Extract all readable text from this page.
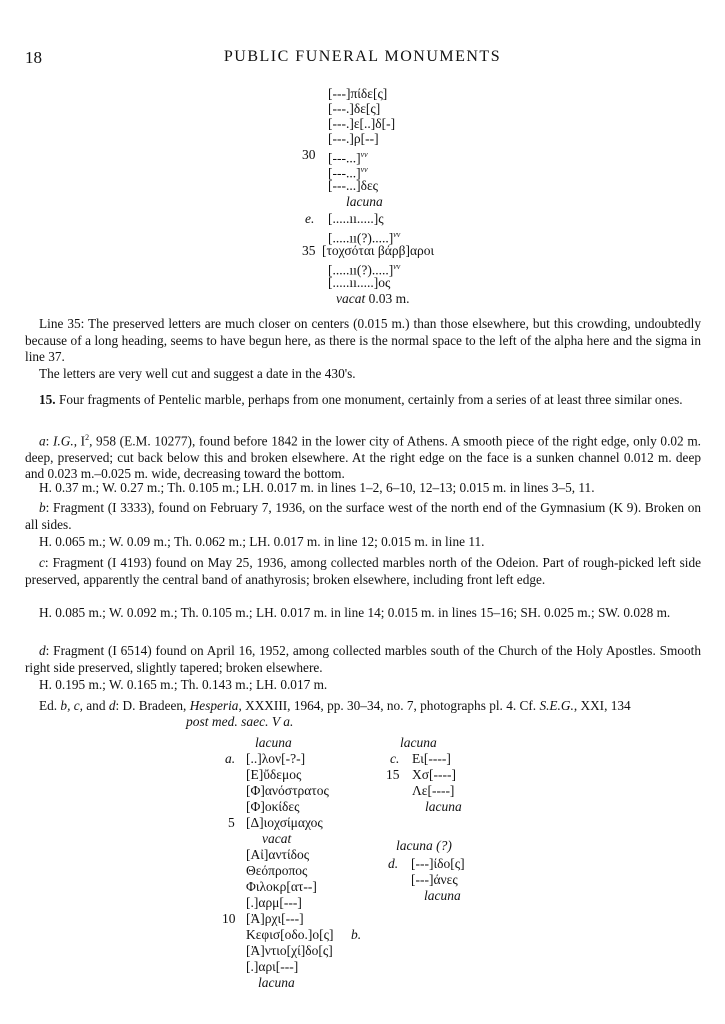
18	PUBLIC FUNERAL MONUMENTS
[---]πίδε[ς]
[---.]δε[ς]
[---.]ε[..]δ[-]
[---.]ρ[--]
30 [---...]$^{vv}$
[---...]$^{vv}$
[---...]δες
lacuna
e. [.....ıı.....]ς
[.....ıı(?).....]$^{vv}$
35 [τοχσόται βάρβ]αροι
[.....ıı(?).....]$^{vv}$
[.....ıı.....]ος
vacat 0.03 m.
Line 35: The preserved letters are much closer on centers (0.015 m.) than those elsewhere, but this crowding, undoubtedly because of a long heading, seems to have begun here, as there is the normal space to the left of the alpha here and the sigma in line 37.
The letters are very well cut and suggest a date in the 430's.
15. Four fragments of Pentelic marble, perhaps from one monument, certainly from a series of at least three similar ones.
a: I.G., $I^2$, 958 (E.M. 10277), found before 1842 in the lower city of Athens. A smooth piece of the right edge, only 0.02 m. deep, preserved; cut back below this and broken elsewhere. At the right edge on the face is a sunken channel 0.012 m. deep and 0.023 m.–0.025 m. wide, decreasing toward the bottom.
H. 0.37 m.; W. 0.27 m.; Th. 0.105 m.; LH. 0.017 m. in lines 1–2, 6–10, 12–13; 0.015 m. in lines 3–5, 11.
b: Fragment (I 3333), found on February 7, 1936, on the surface west of the north end of the Gymnasium (K 9). Broken on all sides.
H. 0.065 m.; W. 0.09 m.; Th. 0.062 m.; LH. 0.017 m. in line 12; 0.015 m. in line 11.
c: Fragment (I 4193) found on May 25, 1936, among collected marbles north of the Odeion. Part of rough-picked left side preserved, apparently the central band of anathyrosis; broken elsewhere, including front left edge.
H. 0.085 m.; W. 0.092 m.; Th. 0.105 m.; LH. 0.017 m. in line 14; 0.015 m. in lines 15–16; SH. 0.025 m.; SW. 0.028 m.
d: Fragment (I 6514) found on April 16, 1952, among collected marbles south of the Church of the Holy Apostles. Smooth right side preserved, slightly tapered; broken elsewhere.
H. 0.195 m.; W. 0.165 m.; Th. 0.143 m.; LH. 0.017 m.
Ed. b, c, and d: D. Bradeen, Hesperia, XXXIII, 1964, pp. 30–34, no. 7, photographs pl. 4. Cf. S.E.G., XXI, 134
post med. saec. V a.
lacuna	lacuna
a. [..]λον[-?-]
[Ε]ὔδεμος
[Φ]ανόστρατος
[Φ]οκίδες
5 [Δ]ιοχσίμαχος
vacat
[Αἰ]αντίδος
Θεόπροπος
Φιλοκρ[ατ--]
[.]αρμ[---]
10 [Ἀ]ρχι[---]
Κεφισ[οδο.]ο[ς] b.
[Ἀ]ντιο[χί]δο[ς]
[.]αρι[---]
lacuna
c. Ει[----]
15 Χσ[----]
Λε[----]
lacuna
lacuna (?)
d. [---]ίδο[ς]
[---]άνες
lacuna
